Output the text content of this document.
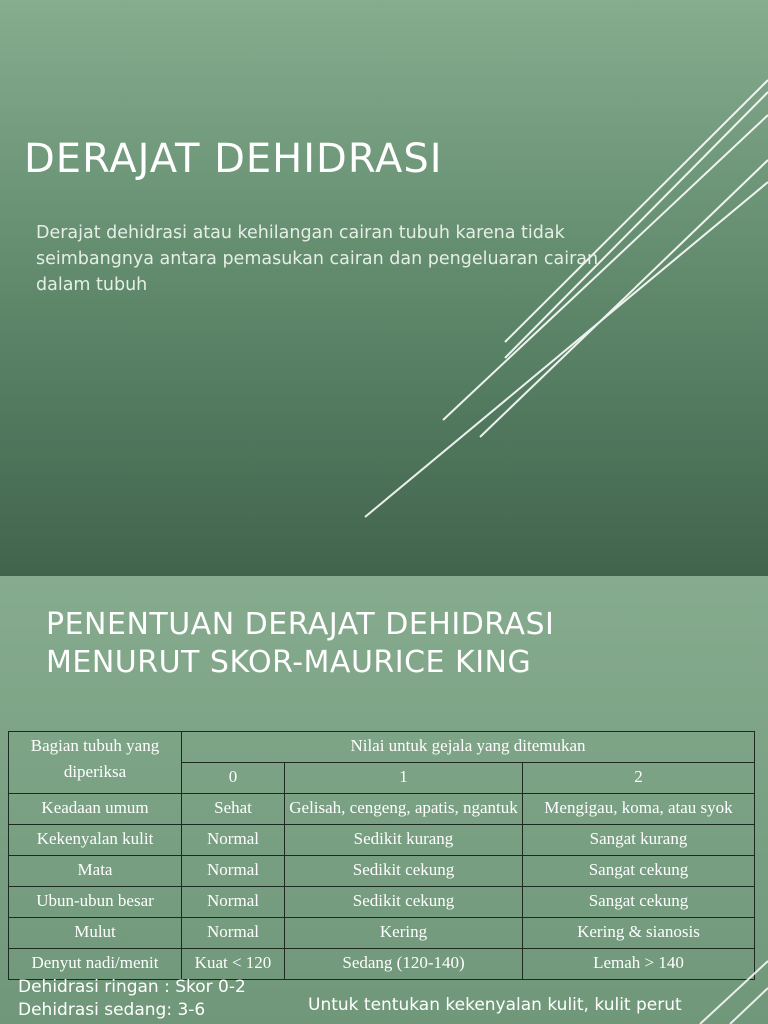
DERAJAT DEHIDRASI

Derajat dehidrasi atau kehilangan cairan tubuh karena tidak seimbangnya antara pemasukan cairan dan pengeluaran cairan dalam tubuh

PENENTUAN DERAJAT DEHIDRASI
MENURUT SKOR-MAURICE KING
Bagian tubuh yang diperiksa	Nilai untuk gejala yang ditemukan		
	0	1	2
Keadaan umum	Sehat	Gelisah, cengeng, apatis, ngantuk	Mengigau, koma, atau syok
Kekenyalan kulit	Normal	Sedikit kurang	Sangat kurang
Mata	Normal	Sedikit cekung	Sangat cekung
Ubun-ubun besar	Normal	Sedikit cekung	Sangat cekung
Mulut	Normal	Kering	Kering & sianosis
Denyut nadi/menit	Kuat < 120	Sedang (120-140)	Lemah > 140
Dehidrasi ringan : Skor 0-2
Dehidrasi sedang: 3-6	Untuk tentukan kekenyalan kulit, kulit perut
